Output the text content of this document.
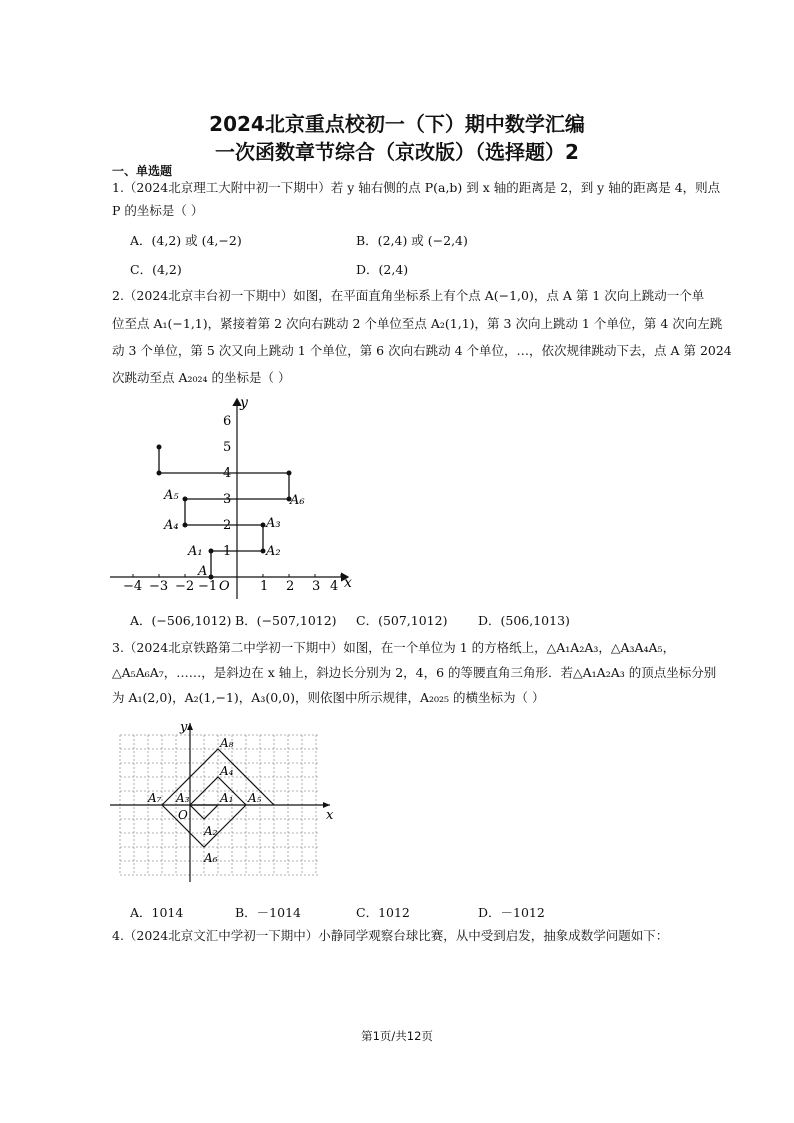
2024北京重点校初一（下）期中数学汇编
一次函数章节综合（京改版）（选择题）2
一、单选题
1.（2024北京理工大附中初一下期中）若 y 轴右侧的点 P(a,b) 到 x 轴的距离是 2，到 y 轴的距离是 4，则点
P 的坐标是（ ）
A．(4,2) 或 (4,−2)	B．(2,4) 或 (−2,4)
C．(4,2)	D．(2,4)
2.（2024北京丰台初一下期中）如图，在平面直角坐标系上有个点 A(−1,0)，点 A 第 1 次向上跳动一个单
位至点 A₁(−1,1)，紧接着第 2 次向右跳动 2 个单位至点 A₂(1,1)，第 3 次向上跳动 1 个单位，第 4 次向左跳
动 3 个单位，第 5 次又向上跳动 1 个单位，第 6 次向右跳动 4 个单位，…，依次规律跳动下去，点 A 第 2024
次跳动至点 A₂₀₂₄ 的坐标是（ ）
x
y
O
−4 −3 −2 −1	1 2 3 4
1
2
3
4
5
6
A
A₁	A₂
A₃
A₄
A₅	A₆
A．(−506,1012) B．(−507,1012) C．(507,1012) D．(506,1013)
3.（2024北京铁路第二中学初一下期中）如图，在一个单位为 1 的方格纸上，△A₁A₂A₃，△A₃A₄A₅，
△A₅A₆A₇，……，是斜边在 x 轴上，斜边长分别为 2，4，6 的等腰直角三角形．若△A₁A₂A₃ 的顶点坐标分别
为 A₁(2,0)，A₂(1,−1)，A₃(0,0)，则依图中所示规律，A₂₀₂₅ 的横坐标为（ ）
x
y
O
A₁
A₂
A₃
A₄
A₅
A₆
A₇
A₈
A．1014	B．－1014	C．1012	D．－1012
4.（2024北京文汇中学初一下期中）小静同学观察台球比赛，从中受到启发，抽象成数学问题如下：
第1页/共12页
